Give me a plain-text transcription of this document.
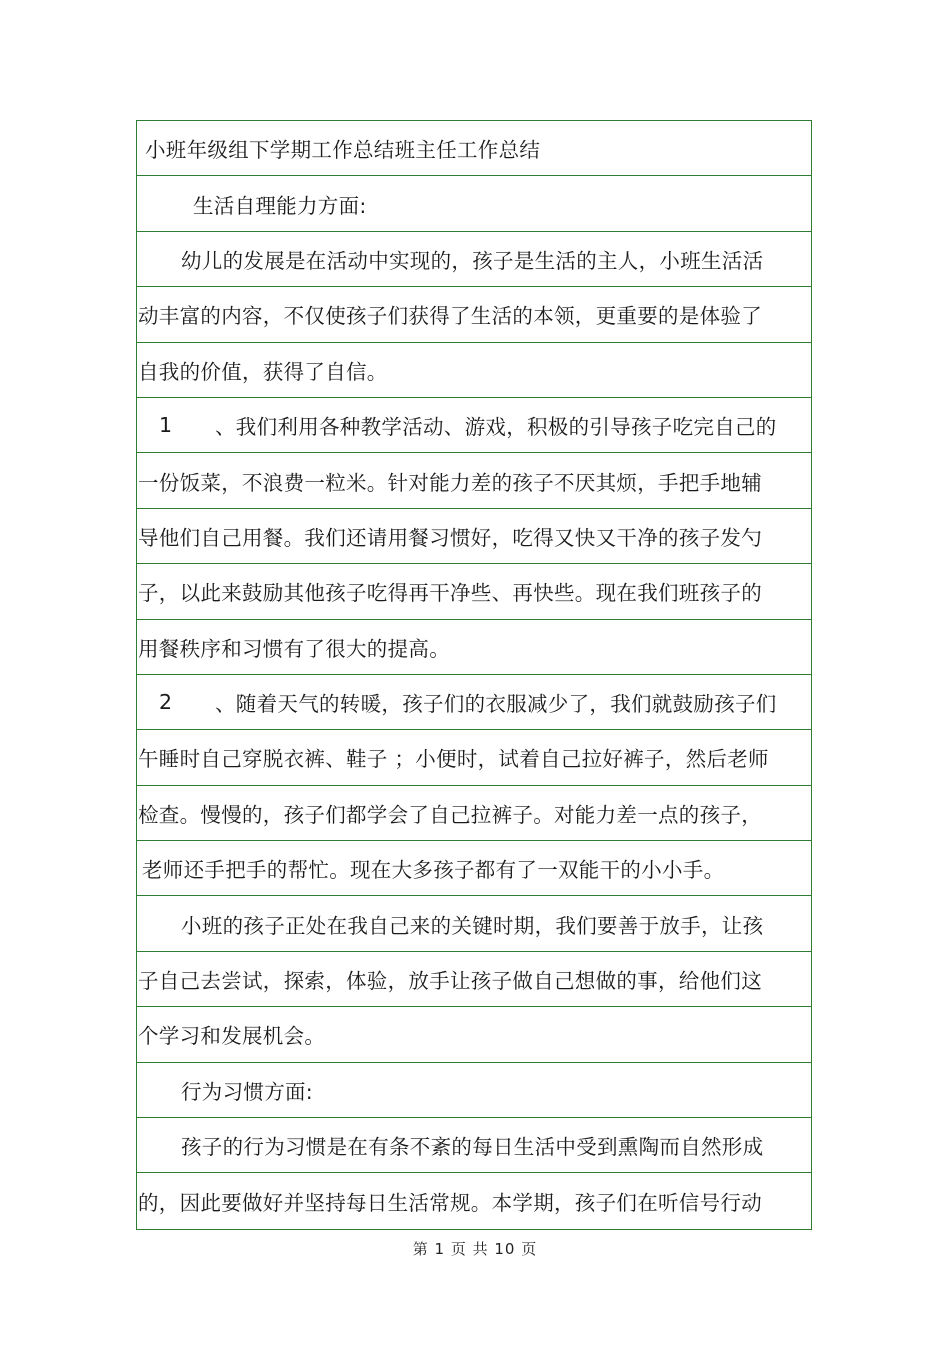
小班年级组下学期工作总结班主任工作总结
生活自理能力方面:
幼儿的发展是在活动中实现的，孩子是生活的主人，小班生活活
动丰富的内容，不仅使孩子们获得了生活的本领，更重要的是体验了
自我的价值，获得了自信。
1	、我们利用各种教学活动、游戏，积极的引导孩子吃完自己的
一份饭菜，不浪费一粒米。针对能力差的孩子不厌其烦，手把手地辅
导他们自己用餐。我们还请用餐习惯好，吃得又快又干净的孩子发勺
子，以此来鼓励其他孩子吃得再干净些、再快些。现在我们班孩子的
用餐秩序和习惯有了很大的提高。
2	、随着天气的转暖，孩子们的衣服减少了，我们就鼓励孩子们
午睡时自己穿脱衣裤、鞋子 ；小便时，试着自己拉好裤子，然后老师
检查。慢慢的，孩子们都学会了自己拉裤子。对能力差一点的孩子，
老师还手把手的帮忙。现在大多孩子都有了一双能干的小小手。
小班的孩子正处在我自己来的关键时期，我们要善于放手，让孩
子自己去尝试，探索，体验，放手让孩子做自己想做的事，给他们这
个学习和发展机会。
行为习惯方面:
孩子的行为习惯是在有条不紊的每日生活中受到熏陶而自然形成
的，因此要做好并坚持每日生活常规。本学期，孩子们在听信号行动
第 1 页 共 10 页
